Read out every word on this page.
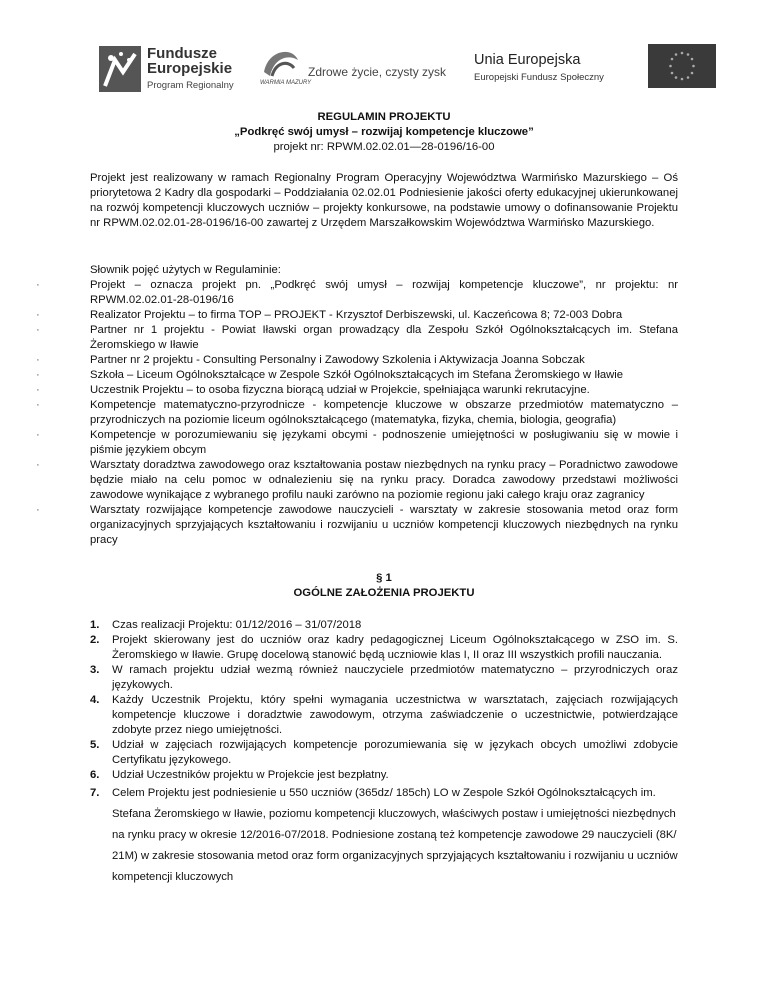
Fundusze
Europejskie
Program Regionalny	WARMIA MAZURY
Zdrowe życie, czysty zysk
Unia Europejska
Europejski Fundusz Społeczny
REGULAMIN PROJEKTU
„Podkręć swój umysł – rozwijaj kompetencje kluczowe”
projekt nr: RPWM.02.02.01—28-0196/16-00

Projekt jest realizowany w ramach Regionalny Program Operacyjny Województwa Warmińsko Mazurskiego – Oś priorytetowa 2 Kadry dla gospodarki – Poddziałania 02.02.01 Podniesienie jakości oferty edukacyjnej ukierunkowanej na rozwój kompetencji kluczowych uczniów – projekty konkursowe, na podstawie umowy o dofinansowanie Projektu nr RPWM.02.02.01-28-0196/16-00 zawartej z Urzędem Marszałkowskim Województwa Warmińsko Mazurskiego.

Słownik pojęć użytych w Regulaminie:

· Projekt – oznacza projekt pn. „Podkręć swój umysł – rozwijaj kompetencje kluczowe”, nr projektu: nr RPWM.02.02.01-28-0196/16
· Realizator Projektu – to firma TOP – PROJEKT - Krzysztof Derbiszewski, ul. Kaczeńcowa 8; 72-003 Dobra
· Partner nr 1 projektu - Powiat Iławski organ prowadzący dla Zespołu Szkół Ogólnokształcących im. Stefana Żeromskiego w Iławie
· Partner nr 2 projektu - Consulting Personalny i Zawodowy Szkolenia i Aktywizacja Joanna Sobczak
· Szkoła – Liceum Ogólnokształcące w Zespole Szkół Ogólnokształcących im Stefana Żeromskiego w Iławie
· Uczestnik Projektu – to osoba fizyczna biorącą udział w Projekcie, spełniająca warunki rekrutacyjne.
· Kompetencje matematyczno-przyrodnicze - kompetencje kluczowe w obszarze przedmiotów matematyczno – przyrodniczych na poziomie liceum ogólnokształcącego (matematyka, fizyka, chemia, biologia, geografia)
· Kompetencje w porozumiewaniu się językami obcymi - podnoszenie umiejętności w posługiwaniu się w mowie i piśmie językiem obcym
· Warsztaty doradztwa zawodowego oraz kształtowania postaw niezbędnych na rynku pracy – Poradnictwo zawodowe będzie miało na celu pomoc w odnalezieniu się na rynku pracy. Doradca zawodowy przedstawi możliwości zawodowe wynikające z wybranego profilu nauki zarówno na poziomie regionu jaki całego kraju oraz zagranicy
· Warsztaty rozwijające kompetencje zawodowe nauczycieli - warsztaty w zakresie stosowania metod oraz form organizacyjnych sprzyjających kształtowaniu i rozwijaniu u uczniów kompetencji kluczowych niezbędnych na rynku pracy
§ 1
OGÓLNE ZAŁOŻENIA PROJEKTU
1. Czas realizacji Projektu: 01/12/2016 – 31/07/2018
2. Projekt skierowany jest do uczniów oraz kadry pedagogicznej Liceum Ogólnokształcącego w ZSO im. S. Żeromskiego w Iławie. Grupę docelową stanowić będą uczniowie klas I, II oraz III wszystkich profili nauczania.
3. W ramach projektu udział wezmą również nauczyciele przedmiotów matematyczno – przyrodniczych oraz językowych.
4. Każdy Uczestnik Projektu, który spełni wymagania uczestnictwa w warsztatach, zajęciach rozwijających kompetencje kluczowe i doradztwie zawodowym, otrzyma zaświadczenie o uczestnictwie, potwierdzające zdobyte przez niego umiejętności.
5. Udział w zajęciach rozwijających kompetencje porozumiewania się w językach obcych umożliwi zdobycie Certyfikatu językowego.
6. Udział Uczestników projektu w Projekcie jest bezpłatny.
7. Celem Projektu jest podniesienie u 550 uczniów (365dz/ 185ch) LO w Zespole Szkół Ogólnokształcących im. Stefana Żeromskiego w Iławie, poziomu kompetencji kluczowych, właściwych postaw i umiejętności niezbędnych na rynku pracy w okresie 12/2016-07/2018. Podniesione zostaną też kompetencje zawodowe 29 nauczycieli (8K/ 21M) w zakresie stosowania metod oraz form organizacyjnych sprzyjających kształtowaniu i rozwijaniu u uczniów kompetencji kluczowych
